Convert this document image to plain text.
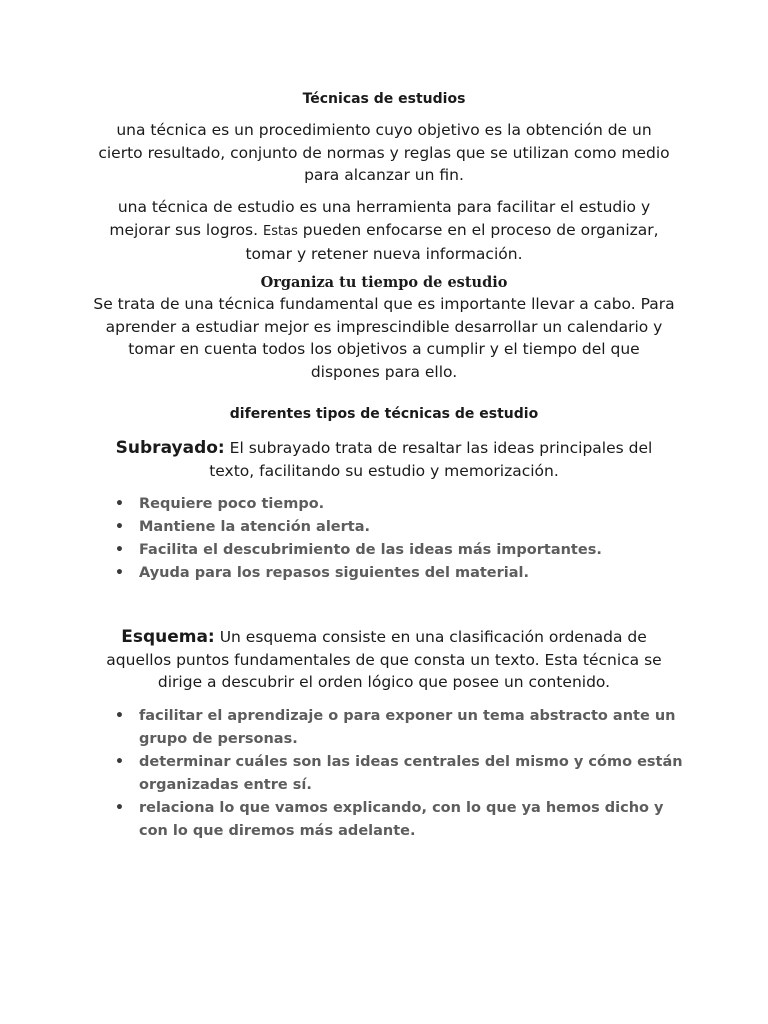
Técnicas de estudios
una técnica es un procedimiento cuyo objetivo es la obtención de un cierto resultado, conjunto de normas y reglas que se utilizan como medio para alcanzar un fin.
una técnica de estudio es una herramienta para facilitar el estudio y mejorar sus logros. Estas pueden enfocarse en el proceso de organizar, tomar y retener nueva información.
Organiza tu tiempo de estudio
Se trata de una técnica fundamental que es importante llevar a cabo. Para aprender a estudiar mejor es imprescindible desarrollar un calendario y tomar en cuenta todos los objetivos a cumplir y el tiempo del que dispones para ello.
diferentes tipos de técnicas de estudio
Subrayado: El subrayado trata de resaltar las ideas principales del texto, facilitando su estudio y memorización.
• Requiere poco tiempo.
• Mantiene la atención alerta.
• Facilita el descubrimiento de las ideas más importantes.
• Ayuda para los repasos siguientes del material.
Esquema: Un esquema consiste en una clasificación ordenada de aquellos puntos fundamentales de que consta un texto. Esta técnica se dirige a descubrir el orden lógico que posee un contenido.
• facilitar el aprendizaje o para exponer un tema abstracto ante un grupo de personas.
• determinar cuáles son las ideas centrales del mismo y cómo están organizadas entre sí.
• relaciona lo que vamos explicando, con lo que ya hemos dicho y con lo que diremos más adelante.
